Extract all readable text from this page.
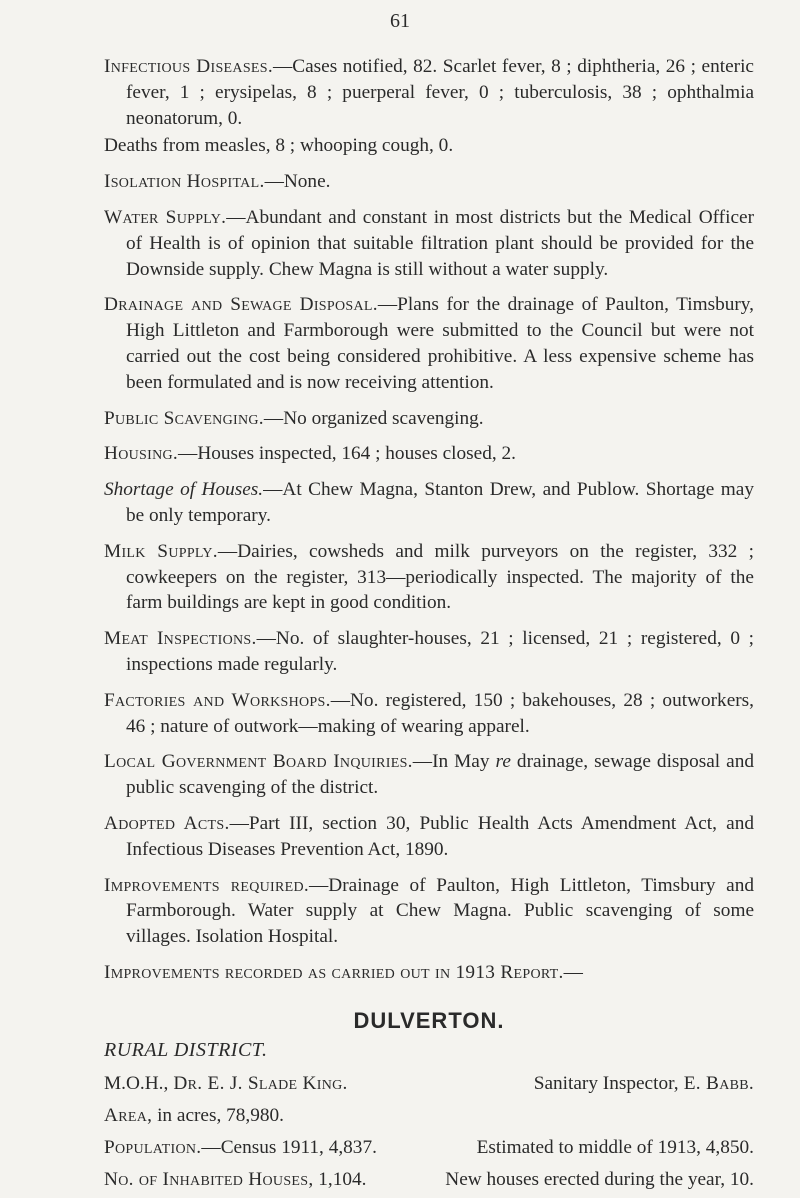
61

Infectious Diseases.—Cases notified, 82. Scarlet fever, 8 ; diphtheria, 26 ; enteric fever, 1 ; erysipelas, 8 ; puerperal fever, 0 ; tuberculosis, 38 ; ophthalmia neonatorum, 0.

Deaths from measles, 8 ; whooping cough, 0.

Isolation Hospital.—None.

Water Supply.—Abundant and constant in most districts but the Medical Officer of Health is of opinion that suitable filtration plant should be provided for the Downside supply. Chew Magna is still without a water supply.

Drainage and Sewage Disposal.—Plans for the drainage of Paulton, Timsbury, High Littleton and Farmborough were submitted to the Council but were not carried out the cost being considered prohibitive. A less expensive scheme has been formulated and is now receiving attention.

Public Scavenging.—No organized scavenging.

Housing.—Houses inspected, 164 ; houses closed, 2.

Shortage of Houses.—At Chew Magna, Stanton Drew, and Publow. Shortage may be only temporary.

Milk Supply.—Dairies, cowsheds and milk purveyors on the register, 332 ; cowkeepers on the register, 313—periodically inspected. The majority of the farm buildings are kept in good condition.

Meat Inspections.—No. of slaughter-houses, 21 ; licensed, 21 ; registered, 0 ; inspections made regularly.

Factories and Workshops.—No. registered, 150 ; bakehouses, 28 ; outworkers, 46 ; nature of outwork—making of wearing apparel.

Local Government Board Inquiries.—In May re drainage, sewage disposal and public scavenging of the district.

Adopted Acts.—Part III, section 30, Public Health Acts Amendment Act, and Infectious Diseases Prevention Act, 1890.

Improvements required.—Drainage of Paulton, High Littleton, Timsbury and Farmborough. Water supply at Chew Magna. Public scavenging of some villages. Isolation Hospital.

Improvements recorded as carried out in 1913 Report.—

DULVERTON.
RURAL DISTRICT.
M.O.H., Dr. E. J. Slade King.	Sanitary Inspector, E. Babb.
Area, in acres, 78,980.
Population.—Census 1911, 4,837.	Estimated to middle of 1913, 4,850.
No. of Inhabited Houses, 1,104.	New houses erected during the year, 10.
